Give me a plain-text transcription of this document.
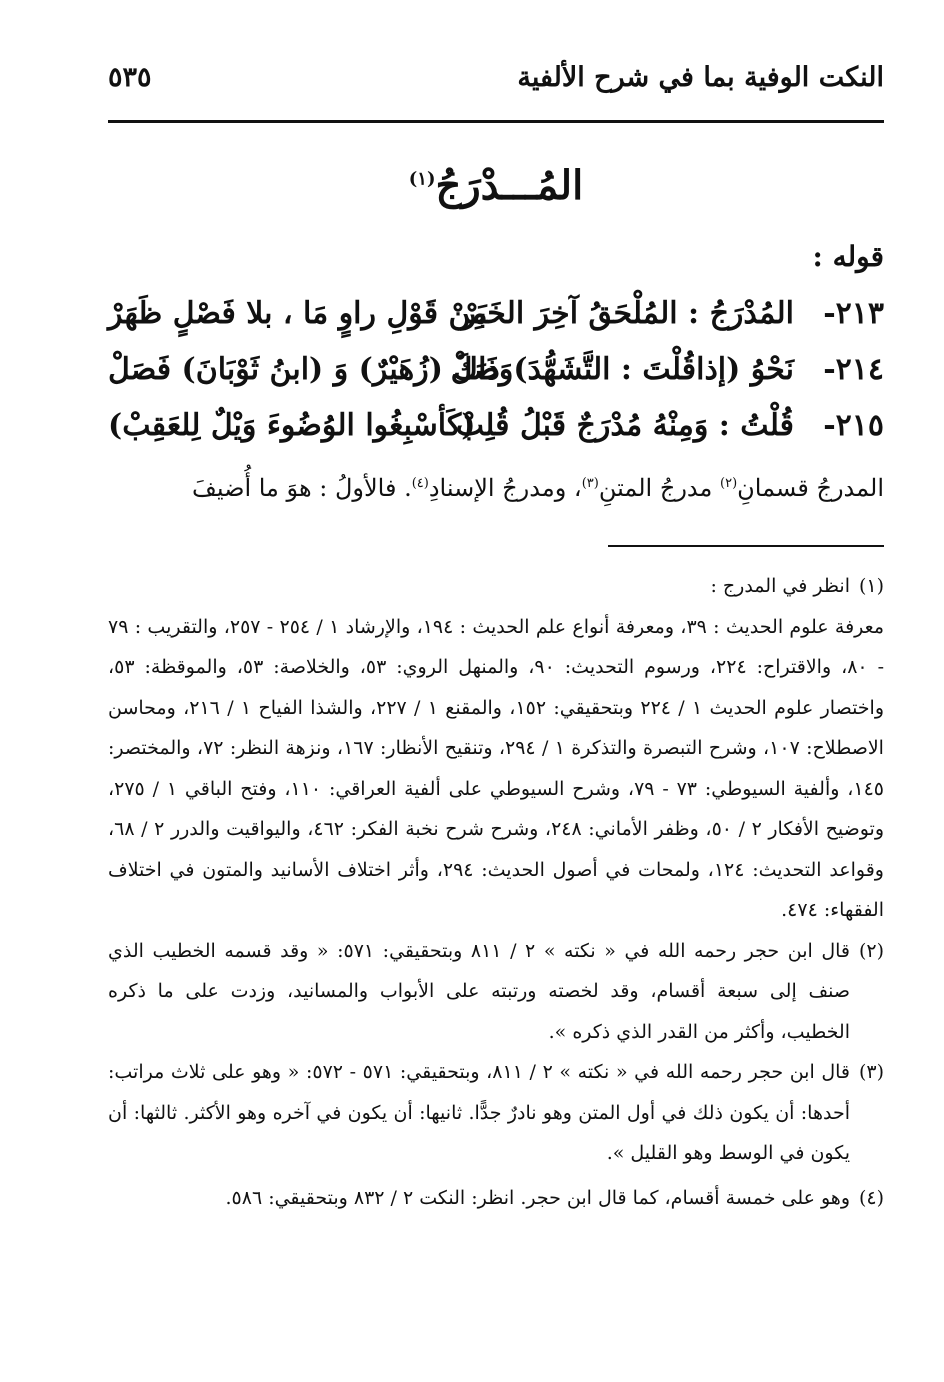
النكت الوفية بما في شرح الألفية
٥٣٥
المُـــدْرَجُ$^{(١)}$
قوله :
٢١٣-
المُدْرَجُ : المُلْحَقُ آخِرَ الخَبَرْ
مِنْ قَوْلِ راوٍ مَا ، بلا فَصْلٍ ظَهَرْ
٢١٤-
نَحْوُ (إذاقُلْتَ : التَّشَهُّدَ)وَصَلْ
ذَاكَ (زُهَيْرٌ) وَ (ابنُ ثَوْبَانَ) فَصَلْ
٢١٥-
قُلْتُ : وَمِنْهُ مُدْرَجٌ قَبْلُ قُلِبْ
(كَأسْبِغُوا الوُضُوءَ وَيْلٌ لِلعَقِبْ)
المدرجُ قسمانِ$^{(٢)}$ مدرجُ المتنِ$^{(٣)}$، ومدرجُ الإسنادِ$^{(٤)}$. فالأولُ : هوَ ما أُضيفَ
(١)
انظر في المدرج :
معرفة علوم الحديث : ٣٩، ومعرفة أنواع علم الحديث : ١٩٤، والإرشاد ١ / ٢٥٤ - ٢٥٧، والتقريب : ٧٩ - ٨٠، والاقتراح: ٢٢٤، ورسوم التحديث: ٩٠، والمنهل الروي: ٥٣، والخلاصة: ٥٣، والموقظة: ٥٣، واختصار علوم الحديث ١ / ٢٢٤ وبتحقيقي: ١٥٢، والمقنع ١ / ٢٢٧، والشذا الفياح ١ / ٢١٦، ومحاسن الاصطلاح: ١٠٧، وشرح التبصرة والتذكرة ١ / ٢٩٤، وتنقيح الأنظار: ١٦٧، ونزهة النظر: ٧٢، والمختصر: ١٤٥، وألفية السيوطي: ٧٣ - ٧٩، وشرح السيوطي على ألفية العراقي: ١١٠، وفتح الباقي ١ / ٢٧٥، وتوضيح الأفكار ٢ / ٥٠، وظفر الأماني: ٢٤٨، وشرح شرح نخبة الفكر: ٤٦٢، واليواقيت والدرر ٢ / ٦٨، وقواعد التحديث: ١٢٤، ولمحات في أصول الحديث: ٢٩٤، وأثر اختلاف الأسانيد والمتون في اختلاف الفقهاء: ٤٧٤.
(٢)
قال ابن حجر رحمه الله في « نكته » ٢ / ٨١١ وبتحقيقي: ٥٧١: « وقد قسمه الخطيب الذي صنف إلى سبعة أقسام، وقد لخصته ورتبته على الأبواب والمسانيد، وزدت على ما ذكره الخطيب، وأكثر من القدر الذي ذكره ».
(٣)
قال ابن حجر رحمه الله في « نكته » ٢ / ٨١١، وبتحقيقي: ٥٧١ - ٥٧٢: « وهو على ثلاث مراتب: أحدها: أن يكون ذلك في أول المتن وهو نادرٌ جدًّا. ثانيها: أن يكون في آخره وهو الأكثر. ثالثها: أن يكون في الوسط وهو القليل ».
(٤)
وهو على خمسة أقسام، كما قال ابن حجر. انظر: النكت ٢ / ٨٣٢ وبتحقيقي: ٥٨٦.
